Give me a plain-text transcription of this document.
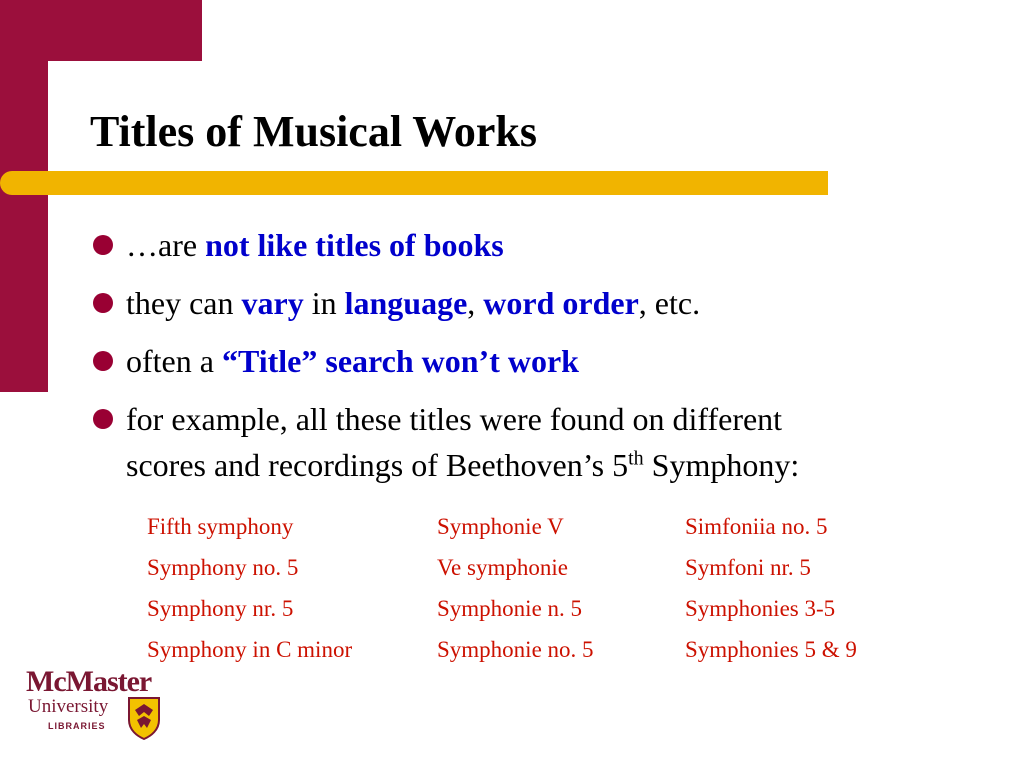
Titles of Musical Works
…are not like titles of books
they can vary in language, word order, etc.
often a “Title” search won’t work
for example, all these titles were found on different
scores and recordings of Beethoven’s 5th Symphony:
Fifth symphony	Symphonie V	Simfoniia no. 5
Symphony no. 5	Ve symphonie	Symfoni nr. 5
Symphony nr. 5	Symphonie n. 5	Symphonies 3-5
Symphony in C minor	Symphonie no. 5	Symphonies 5 & 9
McMaster
University
LIBRARIES
